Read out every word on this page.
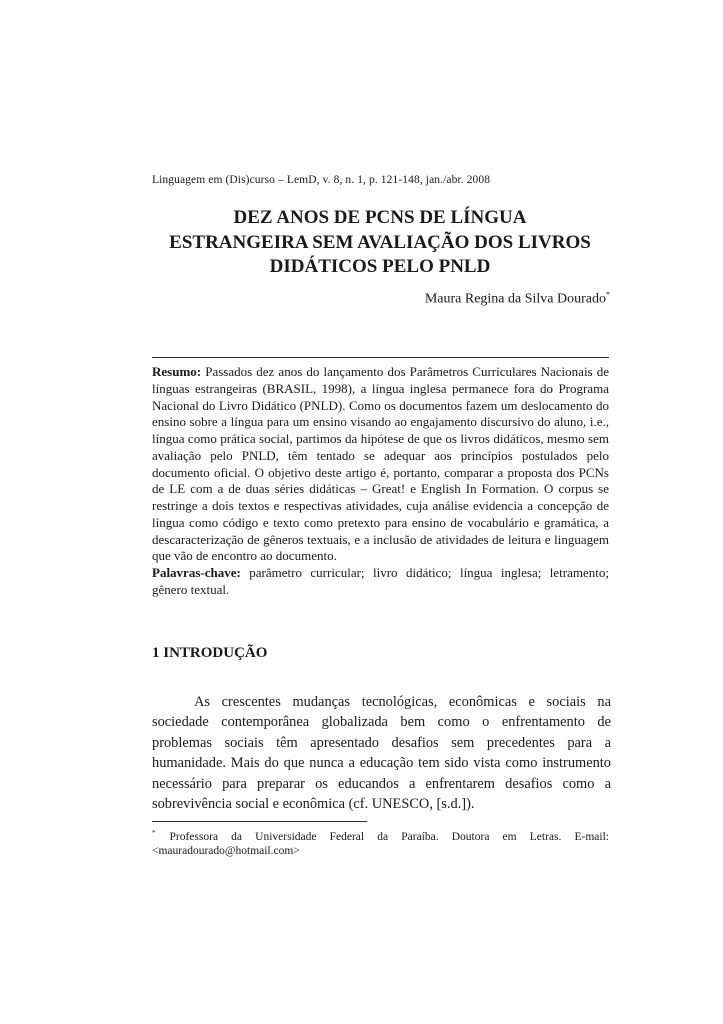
Linguagem em (Dis)curso – LemD, v. 8, n. 1, p. 121-148, jan./abr. 2008
DEZ ANOS DE PCNS DE LÍNGUA
ESTRANGEIRA SEM AVALIAÇÃO DOS LIVROS
DIDÁTICOS PELO PNLD
Maura Regina da Silva Dourado*

Resumo: Passados dez anos do lançamento dos Parâmetros Curriculares Nacionais de línguas estrangeiras (BRASIL, 1998), a língua inglesa permanece fora do Programa Nacional do Livro Didático (PNLD). Como os documentos fazem um deslocamento do ensino sobre a língua para um ensino visando ao engajamento discursivo do aluno, i.e., língua como prática social, partimos da hipótese de que os livros didáticos, mesmo sem avaliação pelo PNLD, têm tentado se adequar aos princípios postulados pelo documento oficial. O objetivo deste artigo é, portanto, comparar a proposta dos PCNs de LE com a de duas séries didáticas – Great! e English In Formation. O corpus se restringe a dois textos e respectivas atividades, cuja análise evidencia a concepção de língua como código e texto como pretexto para ensino de vocabulário e gramática, a descaracterização de gêneros textuais, e a inclusão de atividades de leitura e linguagem que vão de encontro ao documento.

Palavras-chave: parâmetro curricular; livro didático; língua inglesa; letramento; gênero textual.

1 INTRODUÇÃO

As crescentes mudanças tecnológicas, econômicas e sociais na sociedade contemporânea globalizada bem como o enfrentamento de problemas sociais têm apresentado desafios sem precedentes para a humanidade. Mais do que nunca a educação tem sido vista como instrumento necessário para preparar os educandos a enfrentarem desafios como a sobrevivência social e econômica (cf. UNESCO, [s.d.]).

* Professora da Universidade Federal da Paraíba. Doutora em Letras. E-mail: <mauradourado@hotmail.com>
